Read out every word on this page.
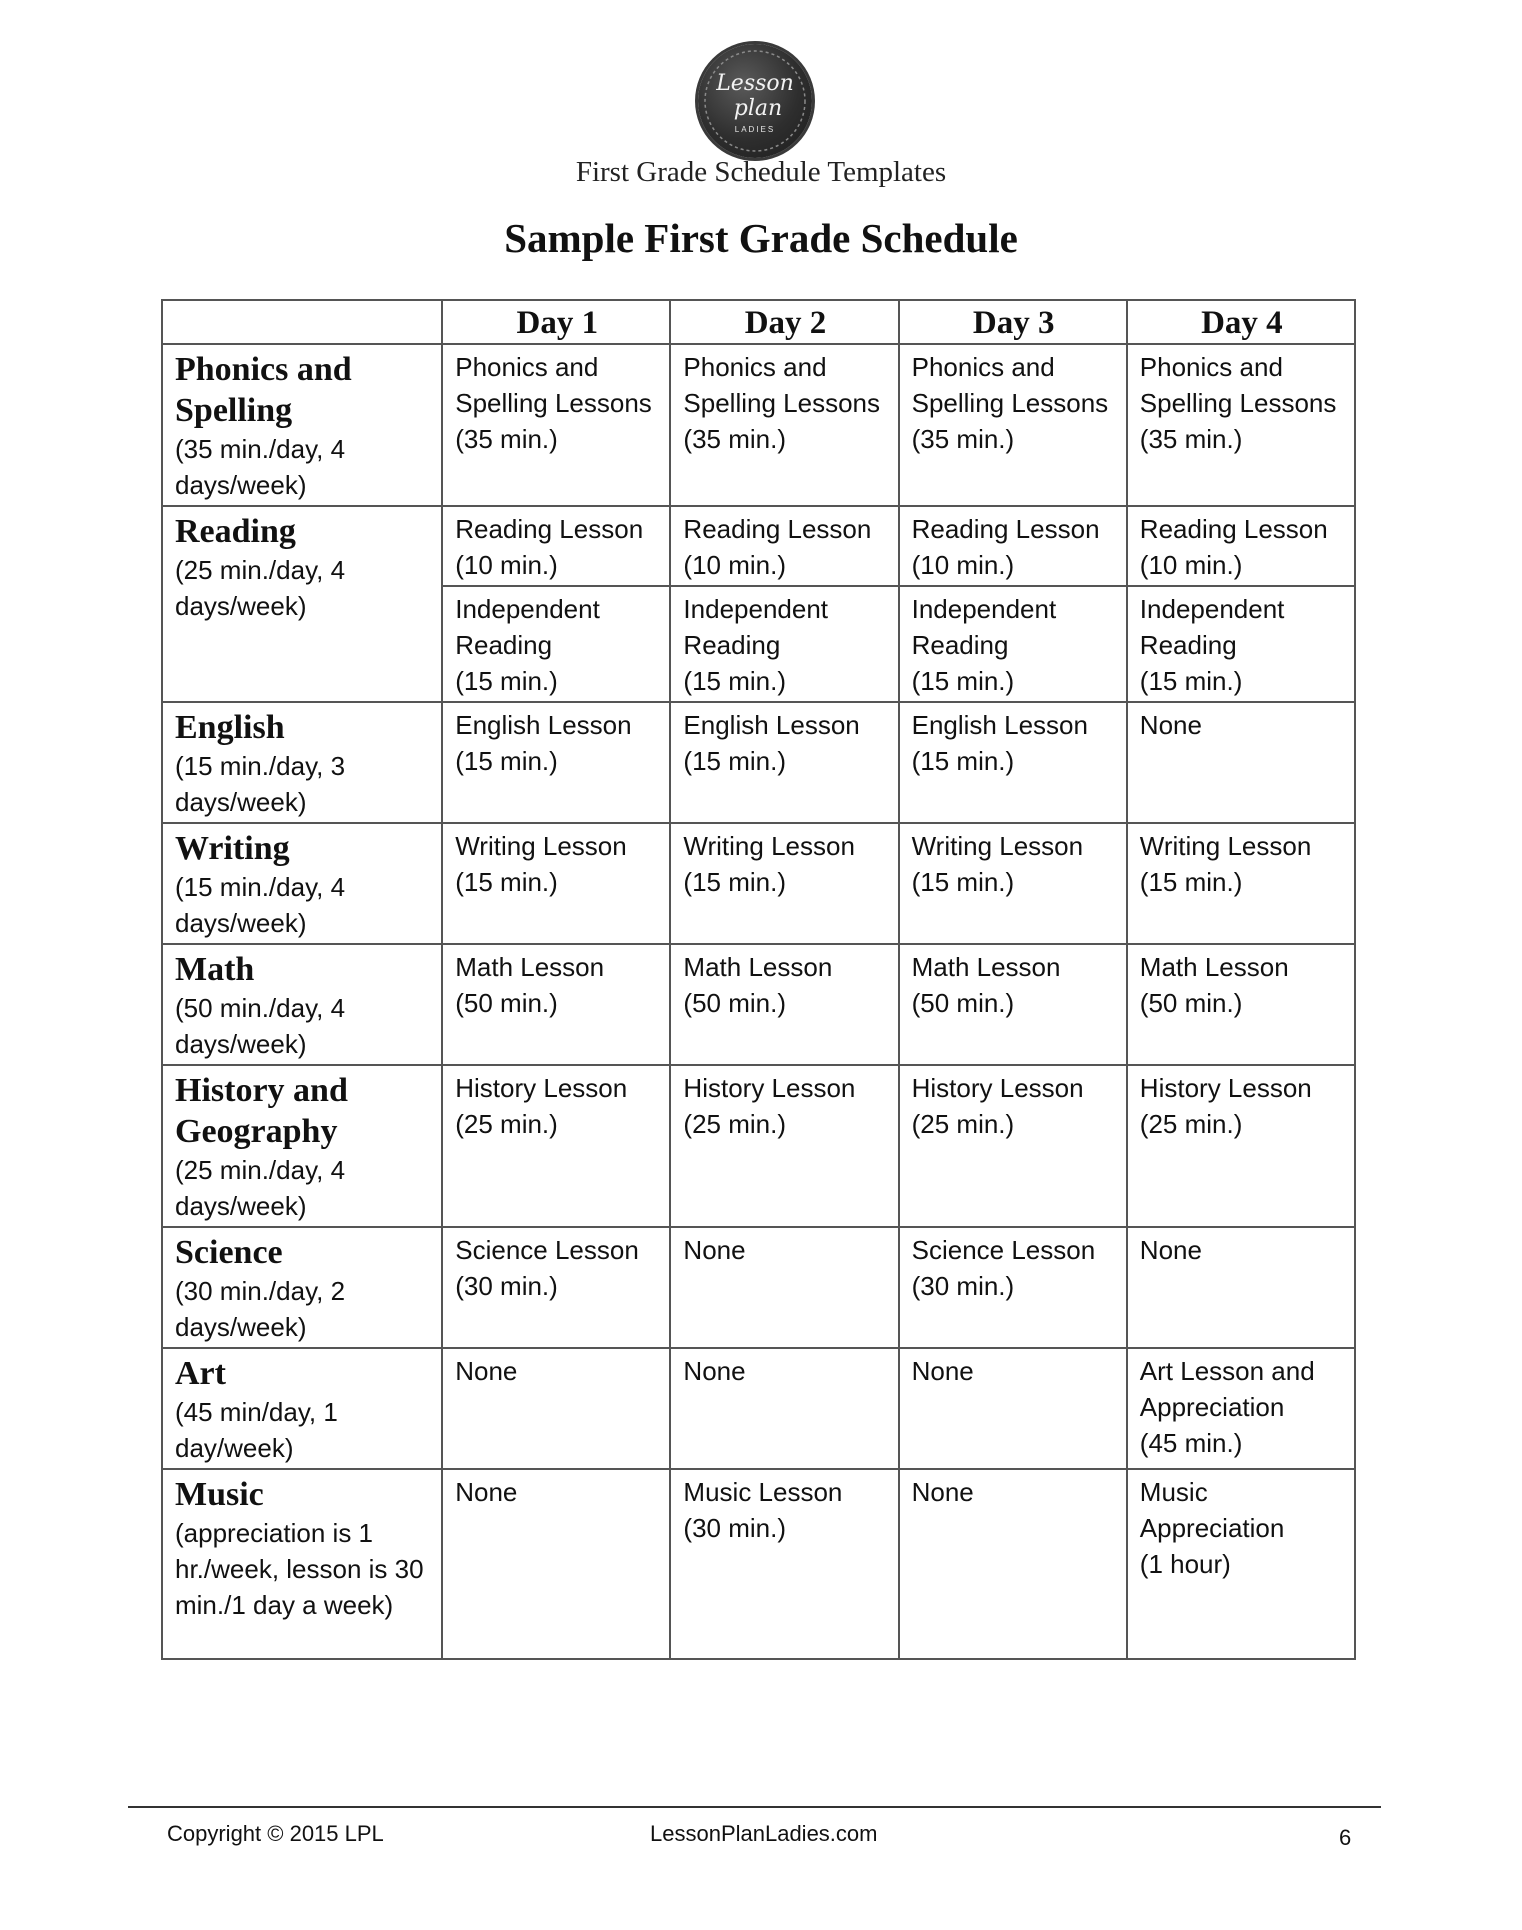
Lesson
plan
LADIES
First Grade Schedule Templates
Sample First Grade Schedule
	Day 1	Day 2	Day 3	Day 4

Phonics and Spelling
(35 min./day, 4 days/week)	Phonics and
Spelling Lessons
(35 min.)	Phonics and
Spelling Lessons
(35 min.)	Phonics and
Spelling Lessons
(35 min.)	Phonics and
Spelling Lessons
(35 min.)

Reading
(25 min./day, 4 days/week)	Reading Lesson
(10 min.)	Reading Lesson
(10 min.)	Reading Lesson
(10 min.)	Reading Lesson
(10 min.)
	Independent
Reading
(15 min.)	Independent
Reading
(15 min.)	Independent
Reading
(15 min.)	Independent
Reading
(15 min.)

English
(15 min./day, 3 days/week)	English Lesson
(15 min.)	English Lesson
(15 min.)	English Lesson
(15 min.)	None

Writing
(15 min./day, 4 days/week)	Writing Lesson
(15 min.)	Writing Lesson
(15 min.)	Writing Lesson
(15 min.)	Writing Lesson
(15 min.)

Math
(50 min./day, 4 days/week)	Math Lesson
(50 min.)	Math Lesson
(50 min.)	Math Lesson
(50 min.)	Math Lesson
(50 min.)

History and Geography
(25 min./day, 4 days/week)	History Lesson
(25 min.)	History Lesson
(25 min.)	History Lesson
(25 min.)	History Lesson
(25 min.)

Science
(30 min./day, 2 days/week)	Science Lesson
(30 min.)	None	Science Lesson
(30 min.)	None

Art
(45 min/day, 1 day/week)	None	None	None	Art Lesson and
Appreciation
(45 min.)

Music
(appreciation is 1 hr./week, lesson is 30 min./1 day a week)	None	Music Lesson
(30 min.)	None	Music
Appreciation
(1 hour)
Copyright © 2015 LPL	LessonPlanLadies.com	6
